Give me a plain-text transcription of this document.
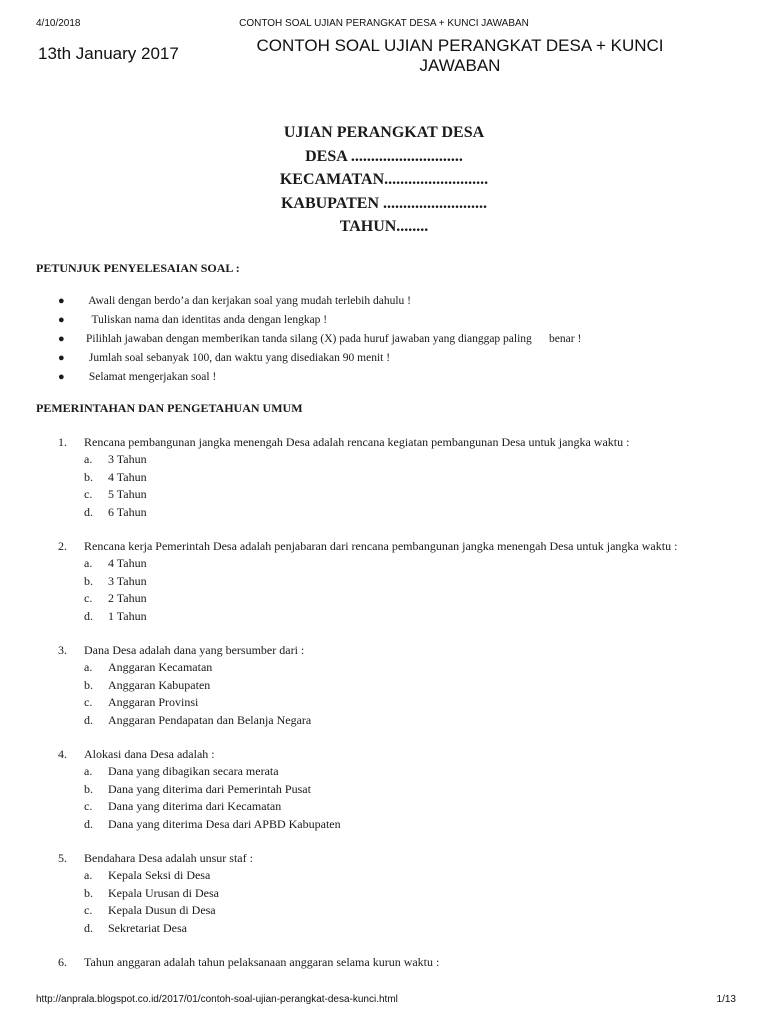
4/10/2018	CONTOH SOAL UJIAN PERANGKAT DESA + KUNCI JAWABAN
13th January 2017	CONTOH SOAL UJIAN PERANGKAT DESA + KUNCI
JAWABAN
UJIAN PERANGKAT DESA
DESA ............................
KECAMATAN..........................
KABUPATEN ..........................
TAHUN........
PETUNJUK PENYELESAIAN SOAL :
● Awali dengan berdo’a dan kerjakan soal yang mudah terlebih dahulu !
● Tuliskan nama dan identitas anda dengan lengkap !
● Pilihlah jawaban dengan memberikan tanda silang (X) pada huruf jawaban yang dianggap paling      benar !
● Jumlah soal sebanyak 100, dan waktu yang disediakan 90 menit !
● Selamat mengerjakan soal !
PEMERINTAHAN DAN PENGETAHUAN UMUM
1.	Rencana pembangunan jangka menengah Desa adalah rencana kegiatan pembangunan Desa untuk jangka waktu :
a.	3 Tahun
b.	4 Tahun
c.	5 Tahun
d.	6 Tahun
2.	Rencana kerja Pemerintah Desa adalah penjabaran dari rencana pembangunan jangka menengah Desa untuk jangka waktu :
a.	4 Tahun
b.	3 Tahun
c.	2 Tahun
d.	1 Tahun
3.	Dana Desa adalah dana yang bersumber dari :
a.	Anggaran Kecamatan
b.	Anggaran Kabupaten
c.	Anggaran Provinsi
d.	Anggaran Pendapatan dan Belanja Negara
4.	Alokasi dana Desa adalah :
a.	Dana yang dibagikan secara merata
b.	Dana yang diterima dari Pemerintah Pusat
c.	Dana yang diterima dari Kecamatan
d.	Dana yang diterima Desa dari APBD Kabupaten
5.	Bendahara Desa adalah unsur staf :
a.	Kepala Seksi di Desa
b.	Kepala Urusan di Desa
c.	Kepala Dusun di Desa
d.	Sekretariat Desa
6.	Tahun anggaran adalah tahun pelaksanaan anggaran selama kurun waktu :
http://anprala.blogspot.co.id/2017/01/contoh-soal-ujian-perangkat-desa-kunci.html	1/13
